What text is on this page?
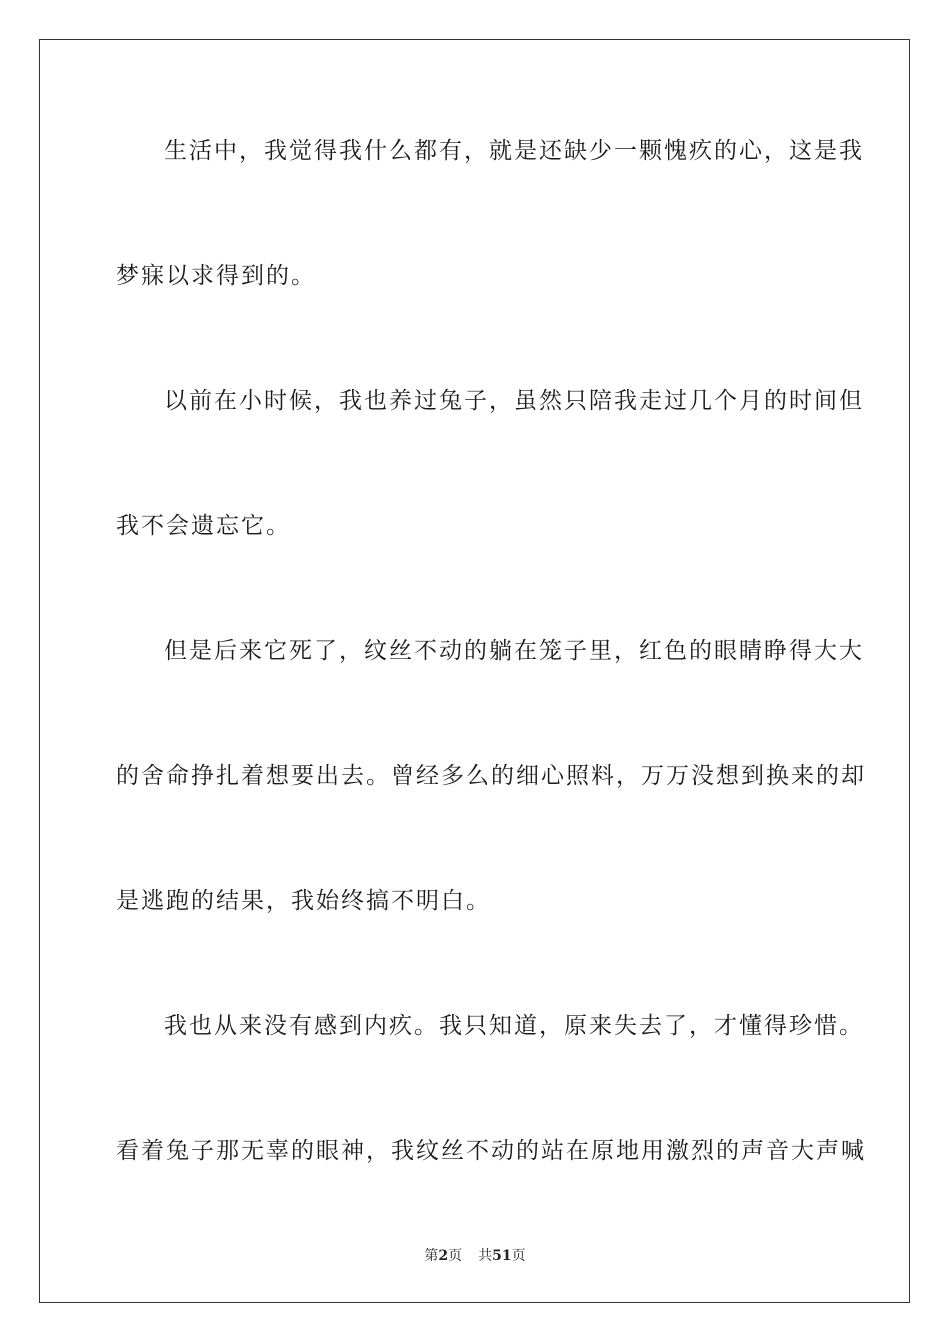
生活中，我觉得我什么都有，就是还缺少一颗愧疚的心，这是我
梦寐以求得到的。
以前在小时候，我也养过兔子，虽然只陪我走过几个月的时间但
我不会遗忘它。
但是后来它死了，纹丝不动的躺在笼子里，红色的眼睛睁得大大
的舍命挣扎着想要出去。曾经多么的细心照料，万万没想到换来的却
是逃跑的结果，我始终搞不明白。
我也从来没有感到内疚。我只知道，原来失去了，才懂得珍惜。
看着兔子那无辜的眼神，我纹丝不动的站在原地用激烈的声音大声喊
第2页 共51页
